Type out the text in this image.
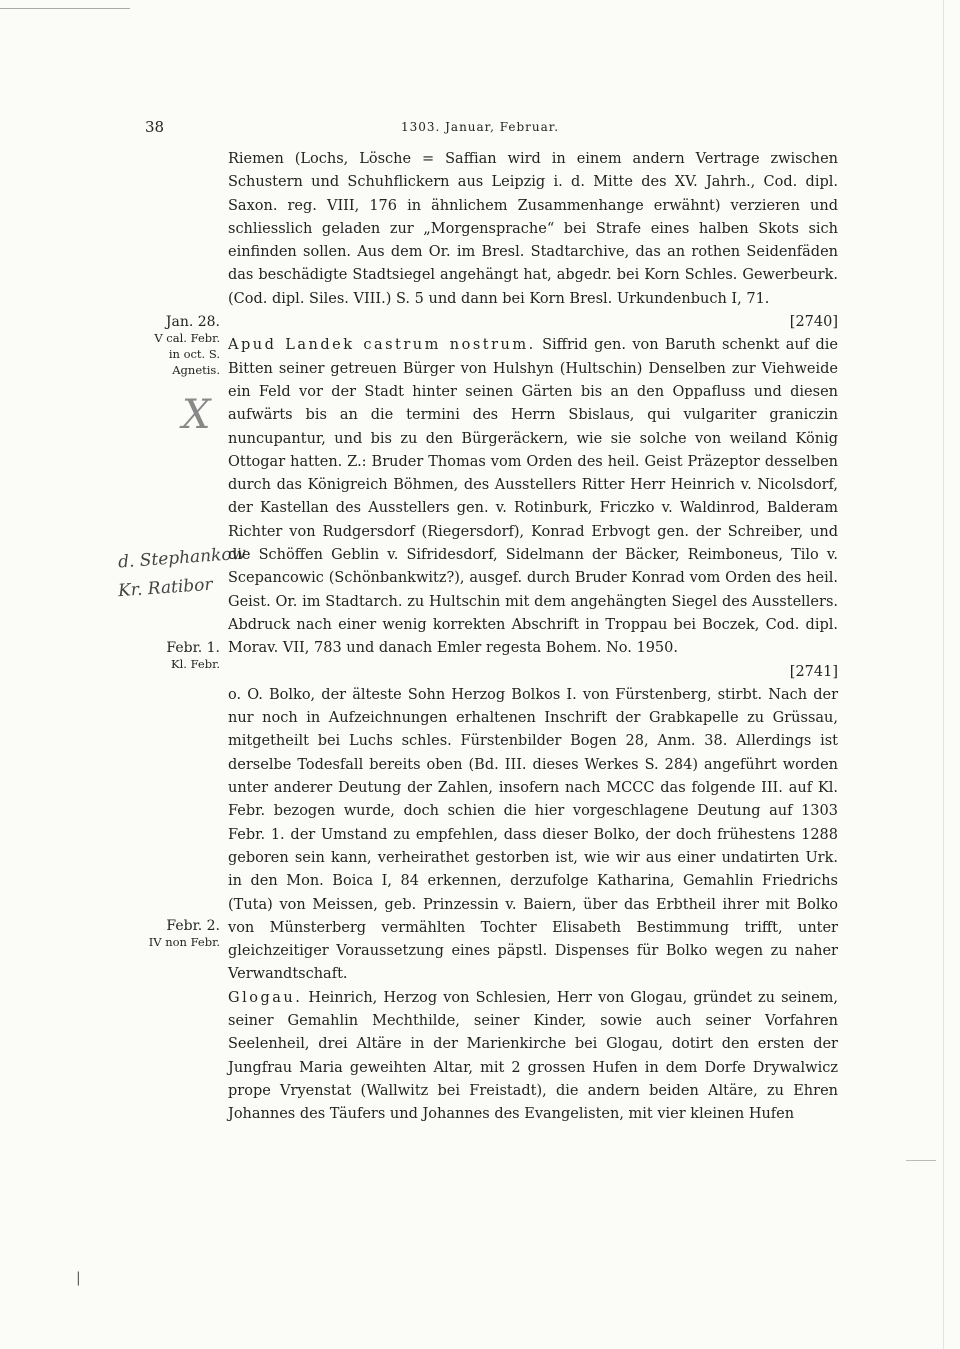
38	1303. Januar, Februar.
Jan. 28.
V cal. Febr. in oct. S. Agnetis.
Febr. 1.
Kl. Febr.
Febr. 2.
IV non Febr.
X
d. Stephankow
Kr. Ratibor

Riemen (Lochs, Lösche = Saffian wird in einem andern Vertrage zwischen Schustern und Schuhflickern aus Leipzig i. d. Mitte des XV. Jahrh., Cod. dipl. Saxon. reg. VIII, 176 in ähnlichem Zusammenhange erwähnt) verzieren und schliesslich geladen zur „Morgensprache“ bei Strafe eines halben Skots sich einfinden sollen. Aus dem Or. im Bresl. Stadtarchive, das an rothen Seidenfäden das beschädigte Stadtsiegel angehängt hat, abgedr. bei Korn Schles. Gewerbeurk. (Cod. dipl. Siles. VIII.) S. 5 und dann bei Korn Bresl. Urkundenbuch I, 71.
[2740]

Apud Landek castrum nostrum. Siffrid gen. von Baruth schenkt auf die Bitten seiner getreuen Bürger von Hulshyn (Hultschin) Denselben zur Viehweide ein Feld vor der Stadt hinter seinen Gärten bis an den Oppafluss und diesen aufwärts bis an die termini des Herrn Sbislaus, qui vulgariter graniczin nuncupantur, und bis zu den Bürgeräckern, wie sie solche von weiland König Ottogar hatten. Z.: Bruder Thomas vom Orden des heil. Geist Präzeptor desselben durch das Königreich Böhmen, des Ausstellers Ritter Herr Heinrich v. Nicolsdorf, der Kastellan des Ausstellers gen. v. Rotinburk, Friczko v. Waldinrod, Balderam Richter von Rudgersdorf (Riegersdorf), Konrad Erbvogt gen. der Schreiber, und die Schöffen Geblin v. Sifridesdorf, Sidelmann der Bäcker, Reimboneus, Tilo v. Scepancowic (Schönbankwitz?), ausgef. durch Bruder Konrad vom Orden des heil. Geist. Or. im Stadtarch. zu Hultschin mit dem angehängten Siegel des Ausstellers. Abdruck nach einer wenig korrekten Abschrift in Troppau bei Boczek, Cod. dipl. Morav. VII, 783 und danach Emler regesta Bohem. No. 1950.
[2741]

o. O. Bolko, der älteste Sohn Herzog Bolkos I. von Fürstenberg, stirbt. Nach der nur noch in Aufzeichnungen erhaltenen Inschrift der Grabkapelle zu Grüssau, mitgetheilt bei Luchs schles. Fürstenbilder Bogen 28, Anm. 38. Allerdings ist derselbe Todesfall bereits oben (Bd. III. dieses Werkes S. 284) angeführt worden unter anderer Deutung der Zahlen, insofern nach MCCC das folgende III. auf Kl. Febr. bezogen wurde, doch schien die hier vorgeschlagene Deutung auf 1303 Febr. 1. der Umstand zu empfehlen, dass dieser Bolko, der doch frühestens 1288 geboren sein kann, verheirathet gestorben ist, wie wir aus einer undatirten Urk. in den Mon. Boica I, 84 erkennen, derzufolge Katharina, Gemahlin Friedrichs (Tuta) von Meissen, geb. Prinzessin v. Baiern, über das Erbtheil ihrer mit Bolko von Münsterberg vermählten Tochter Elisabeth Bestimmung trifft, unter gleichzeitiger Voraussetzung eines päpstl. Dispenses für Bolko wegen zu naher Verwandtschaft.

Glogau. Heinrich, Herzog von Schlesien, Herr von Glogau, gründet zu seinem, seiner Gemahlin Mechthilde, seiner Kinder, sowie auch seiner Vorfahren Seelenheil, drei Altäre in der Marienkirche bei Glogau, dotirt den ersten der Jungfrau Maria geweihten Altar, mit 2 grossen Hufen in dem Dorfe Drywalwicz prope Vryenstat (Wallwitz bei Freistadt), die andern beiden Altäre, zu Ehren Johannes des Täufers und Johannes des Evangelisten, mit vier kleinen Hufen

|
